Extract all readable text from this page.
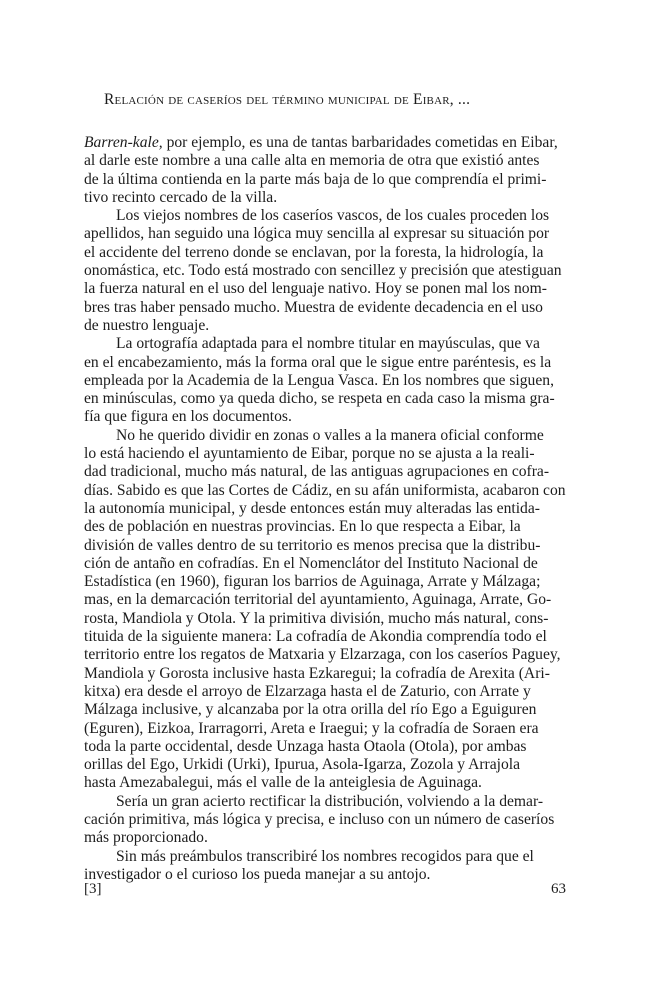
Relación de caseríos del término municipal de Eibar, ...
Barren-kale, por ejemplo, es una de tantas barbaridades cometidas en Eibar,
al darle este nombre a una calle alta en memoria de otra que existió antes
de la última contienda en la parte más baja de lo que comprendía el primi-
tivo recinto cercado de la villa.
Los viejos nombres de los caseríos vascos, de los cuales proceden los
apellidos, han seguido una lógica muy sencilla al expresar su situación por
el accidente del terreno donde se enclavan, por la foresta, la hidrología, la
onomástica, etc. Todo está mostrado con sencillez y precisión que atestiguan
la fuerza natural en el uso del lenguaje nativo. Hoy se ponen mal los nom-
bres tras haber pensado mucho. Muestra de evidente decadencia en el uso
de nuestro lenguaje.
La ortografía adaptada para el nombre titular en mayúsculas, que va
en el encabezamiento, más la forma oral que le sigue entre paréntesis, es la
empleada por la Academia de la Lengua Vasca. En los nombres que siguen,
en minúsculas, como ya queda dicho, se respeta en cada caso la misma gra-
fía que figura en los documentos.
No he querido dividir en zonas o valles a la manera oficial conforme
lo está haciendo el ayuntamiento de Eibar, porque no se ajusta a la reali-
dad tradicional, mucho más natural, de las antiguas agrupaciones en cofra-
días. Sabido es que las Cortes de Cádiz, en su afán uniformista, acabaron con
la autonomía municipal, y desde entonces están muy alteradas las entida-
des de población en nuestras provincias. En lo que respecta a Eibar, la
división de valles dentro de su territorio es menos precisa que la distribu-
ción de antaño en cofradías. En el Nomenclátor del Instituto Nacional de
Estadística (en 1960), figuran los barrios de Aguinaga, Arrate y Málzaga;
mas, en la demarcación territorial del ayuntamiento, Aguinaga, Arrate, Go-
rosta, Mandiola y Otola. Y la primitiva división, mucho más natural, cons-
tituida de la siguiente manera: La cofradía de Akondia comprendía todo el
territorio entre los regatos de Matxaria y Elzarzaga, con los caseríos Paguey,
Mandiola y Gorosta inclusive hasta Ezkaregui; la cofradía de Arexita (Ari-
kitxa) era desde el arroyo de Elzarzaga hasta el de Zaturio, con Arrate y
Málzaga inclusive, y alcanzaba por la otra orilla del río Ego a Eguiguren
(Eguren), Eizkoa, Irarragorri, Areta e Iraegui; y la cofradía de Soraen era
toda la parte occidental, desde Unzaga hasta Otaola (Otola), por ambas
orillas del Ego, Urkidi (Urki), Ipurua, Asola-Igarza, Zozola y Arrajola
hasta Amezabalegui, más el valle de la anteiglesia de Aguinaga.
Sería un gran acierto rectificar la distribución, volviendo a la demar-
cación primitiva, más lógica y precisa, e incluso con un número de caseríos
más proporcionado.
Sin más preámbulos transcribiré los nombres recogidos para que el
investigador o el curioso los pueda manejar a su antojo.
[3]	63
